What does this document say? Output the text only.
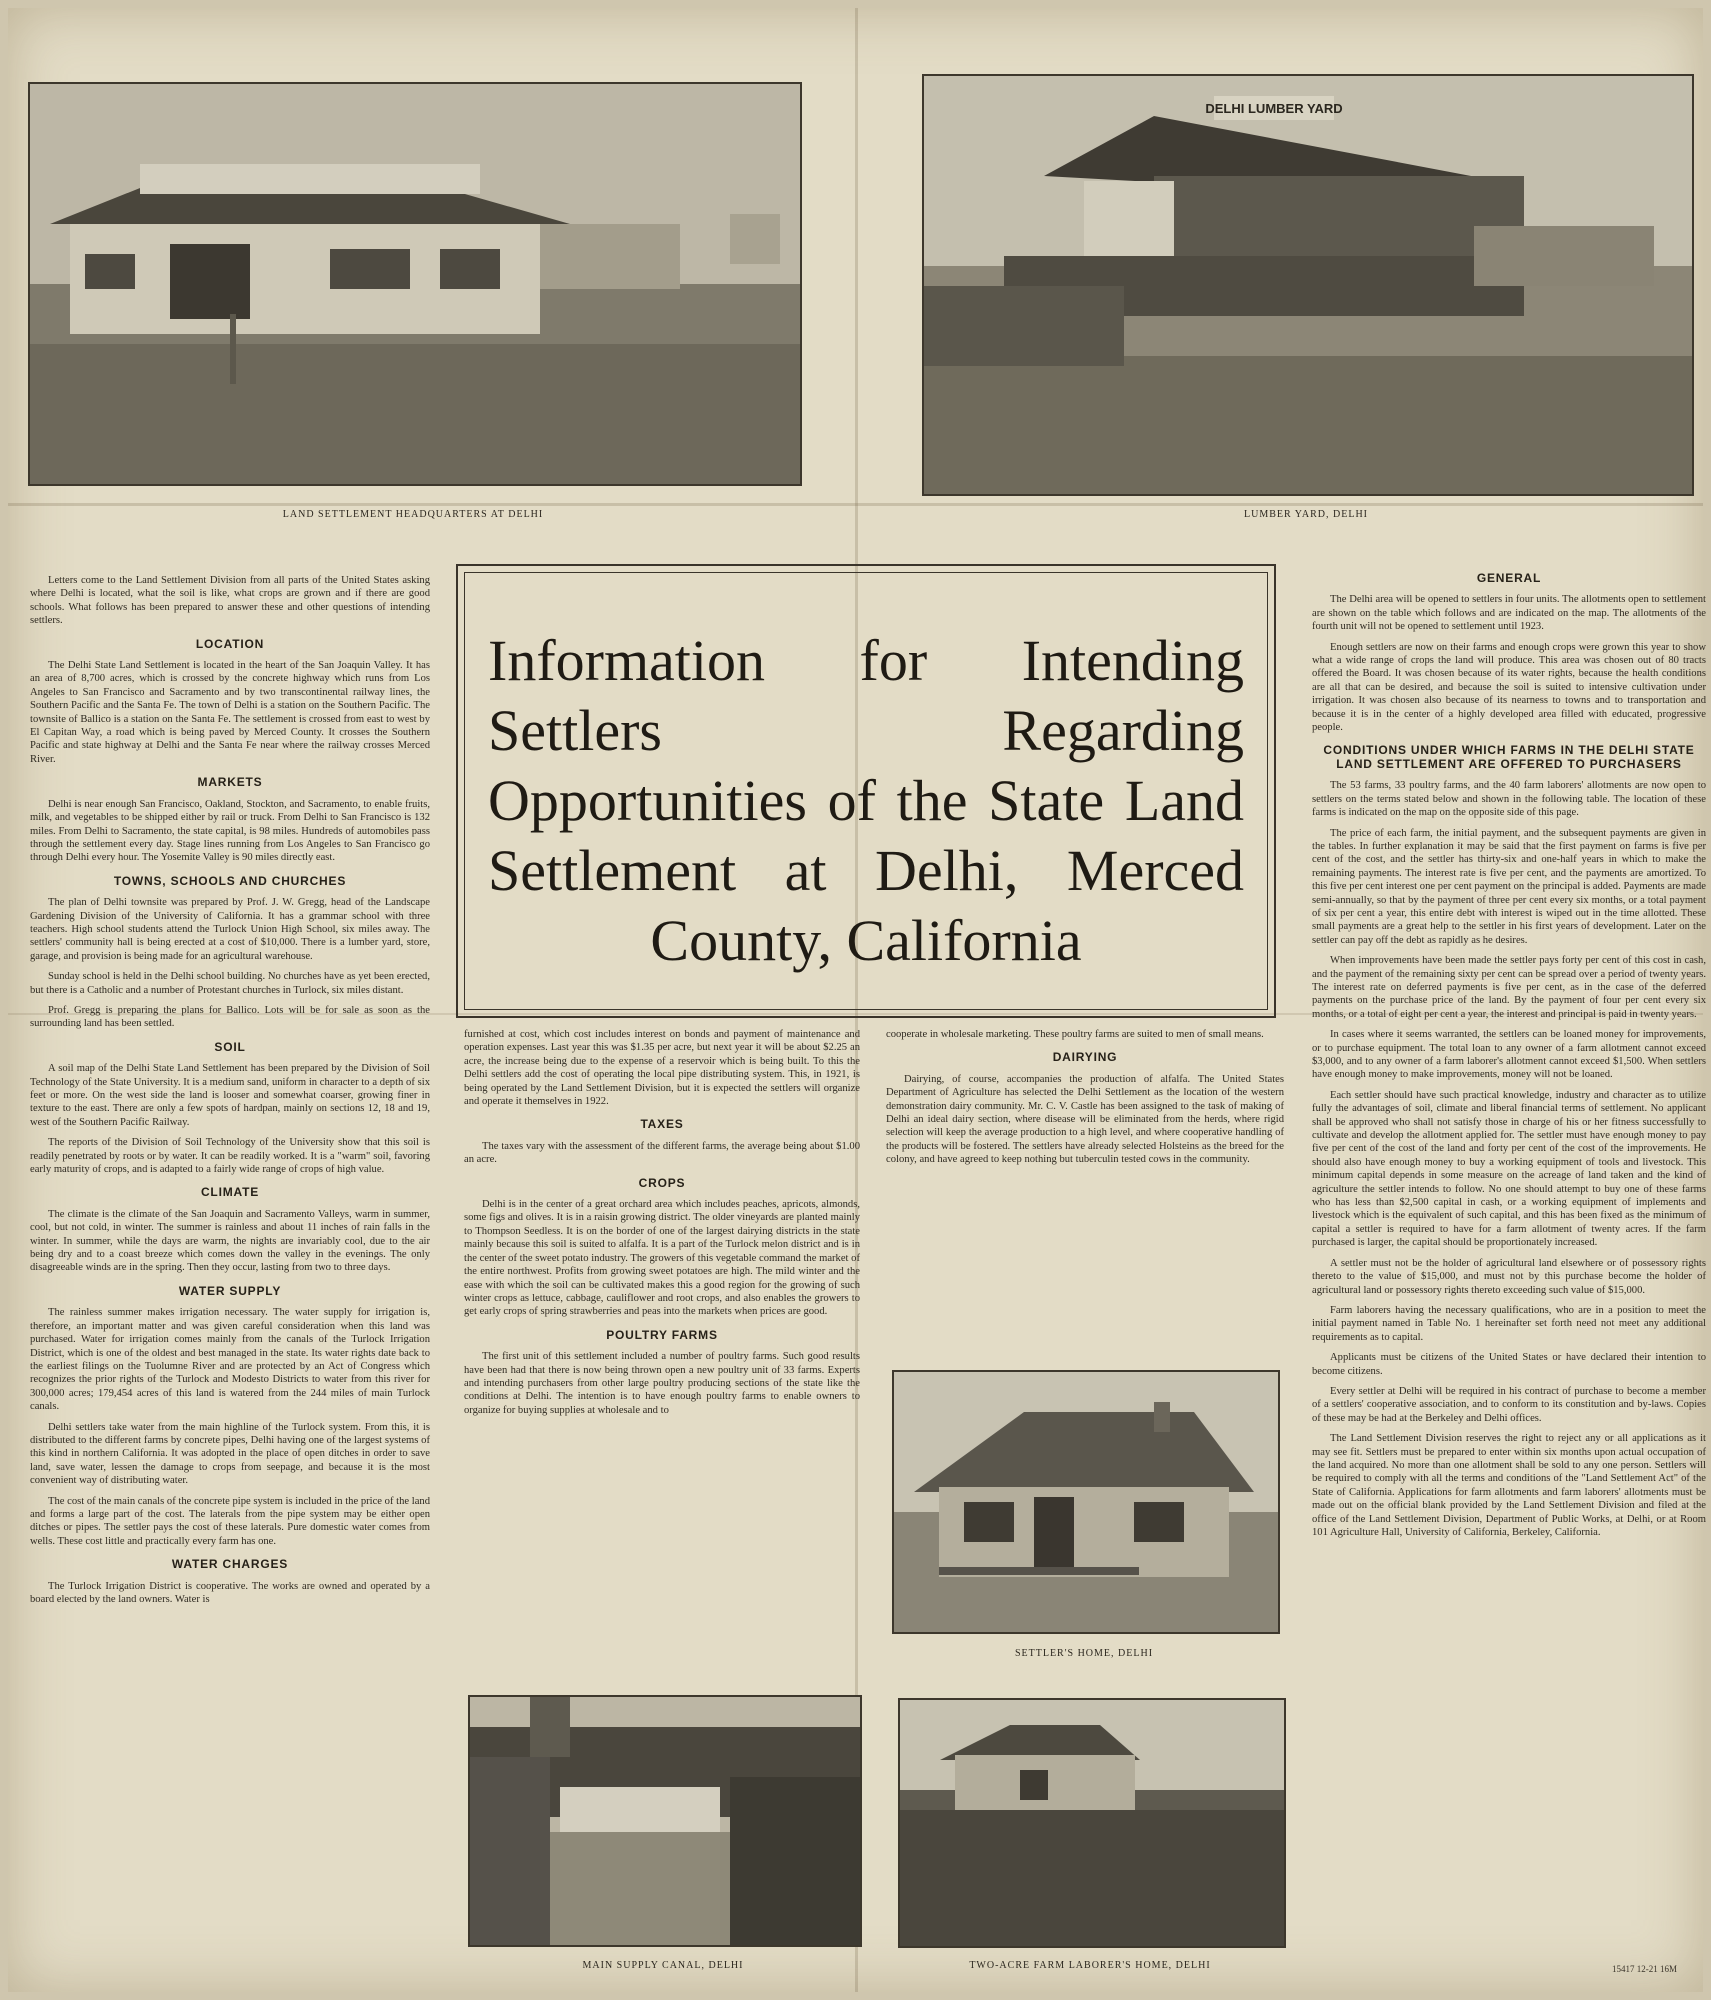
LAND SETTLEMENT HEADQUARTERS AT DELHI
DELHI LUMBER YARD
LUMBER YARD, DELHI
Information for Intending Settlers Regarding Opportunities of the State Land Settlement at Delhi, Merced County, California

Letters come to the Land Settlement Division from all parts of the United States asking where Delhi is located, what the soil is like, what crops are grown and if there are good schools. What follows has been prepared to answer these and other questions of intending settlers.

LOCATION

The Delhi State Land Settlement is located in the heart of the San Joaquin Valley. It has an area of 8,700 acres, which is crossed by the concrete highway which runs from Los Angeles to San Francisco and Sacramento and by two transcontinental railway lines, the Southern Pacific and the Santa Fe. The town of Delhi is a station on the Southern Pacific. The townsite of Ballico is a station on the Santa Fe. The settlement is crossed from east to west by El Capitan Way, a road which is being paved by Merced County. It crosses the Southern Pacific and state highway at Delhi and the Santa Fe near where the railway crosses Merced River.

MARKETS

Delhi is near enough San Francisco, Oakland, Stockton, and Sacramento, to enable fruits, milk, and vegetables to be shipped either by rail or truck. From Delhi to San Francisco is 132 miles. From Delhi to Sacramento, the state capital, is 98 miles. Hundreds of automobiles pass through the settlement every day. Stage lines running from Los Angeles to San Francisco go through Delhi every hour. The Yosemite Valley is 90 miles directly east.

TOWNS, SCHOOLS AND CHURCHES

The plan of Delhi townsite was prepared by Prof. J. W. Gregg, head of the Landscape Gardening Division of the University of California. It has a grammar school with three teachers. High school students attend the Turlock Union High School, six miles away. The settlers' community hall is being erected at a cost of $10,000. There is a lumber yard, store, garage, and provision is being made for an agricultural warehouse.

Sunday school is held in the Delhi school building. No churches have as yet been erected, but there is a Catholic and a number of Protestant churches in Turlock, six miles distant.

Prof. Gregg is preparing the plans for Ballico. Lots will be for sale as soon as the surrounding land has been settled.

SOIL

A soil map of the Delhi State Land Settlement has been prepared by the Division of Soil Technology of the State University. It is a medium sand, uniform in character to a depth of six feet or more. On the west side the land is looser and somewhat coarser, growing finer in texture to the east. There are only a few spots of hardpan, mainly on sections 12, 18 and 19, west of the Southern Pacific Railway.

The reports of the Division of Soil Technology of the University show that this soil is readily penetrated by roots or by water. It can be readily worked. It is a "warm" soil, favoring early maturity of crops, and is adapted to a fairly wide range of crops of high value.

CLIMATE

The climate is the climate of the San Joaquin and Sacramento Valleys, warm in summer, cool, but not cold, in winter. The summer is rainless and about 11 inches of rain falls in the winter. In summer, while the days are warm, the nights are invariably cool, due to the air being dry and to a coast breeze which comes down the valley in the evenings. The only disagreeable winds are in the spring. Then they occur, lasting from two to three days.

WATER SUPPLY

The rainless summer makes irrigation necessary. The water supply for irrigation is, therefore, an important matter and was given careful consideration when this land was purchased. Water for irrigation comes mainly from the canals of the Turlock Irrigation District, which is one of the oldest and best managed in the state. Its water rights date back to the earliest filings on the Tuolumne River and are protected by an Act of Congress which recognizes the prior rights of the Turlock and Modesto Districts to water from this river for 300,000 acres; 179,454 acres of this land is watered from the 244 miles of main Turlock canals.

Delhi settlers take water from the main highline of the Turlock system. From this, it is distributed to the different farms by concrete pipes, Delhi having one of the largest systems of this kind in northern California. It was adopted in the place of open ditches in order to save land, save water, lessen the damage to crops from seepage, and because it is the most convenient way of distributing water.

The cost of the main canals of the concrete pipe system is included in the price of the land and forms a large part of the cost. The laterals from the pipe system may be either open ditches or pipes. The settler pays the cost of these laterals. Pure domestic water comes from wells. These cost little and practically every farm has one.

WATER CHARGES

The Turlock Irrigation District is cooperative. The works are owned and operated by a board elected by the land owners. Water is

furnished at cost, which cost includes interest on bonds and payment of maintenance and operation expenses. Last year this was $1.35 per acre, but next year it will be about $2.25 an acre, the increase being due to the expense of a reservoir which is being built. To this the Delhi settlers add the cost of operating the local pipe distributing system. This, in 1921, is being operated by the Land Settlement Division, but it is expected the settlers will organize and operate it themselves in 1922.

TAXES

The taxes vary with the assessment of the different farms, the average being about $1.00 an acre.

CROPS

Delhi is in the center of a great orchard area which includes peaches, apricots, almonds, some figs and olives. It is in a raisin growing district. The older vineyards are planted mainly to Thompson Seedless. It is on the border of one of the largest dairying districts in the state mainly because this soil is suited to alfalfa. It is a part of the Turlock melon district and is in the center of the sweet potato industry. The growers of this vegetable command the market of the entire northwest. Profits from growing sweet potatoes are high. The mild winter and the ease with which the soil can be cultivated makes this a good region for the growing of such winter crops as lettuce, cabbage, cauliflower and root crops, and also enables the growers to get early crops of spring strawberries and peas into the markets when prices are good.

POULTRY FARMS

The first unit of this settlement included a number of poultry farms. Such good results have been had that there is now being thrown open a new poultry unit of 33 farms. Experts and intending purchasers from other large poultry producing sections of the state like the conditions at Delhi. The intention is to have enough poultry farms to enable owners to organize for buying supplies at wholesale and to

cooperate in wholesale marketing. These poultry farms are suited to men of small means.

DAIRYING

Dairying, of course, accompanies the production of alfalfa. The United States Department of Agriculture has selected the Delhi Settlement as the location of the western demonstration dairy community. Mr. C. V. Castle has been assigned to the task of making of Delhi an ideal dairy section, where disease will be eliminated from the herds, where rigid selection will keep the average production to a high level, and where cooperative handling of the products will be fostered. The settlers have already selected Holsteins as the breed for the colony, and have agreed to keep nothing but tuberculin tested cows in the community.

SETTLER'S HOME, DELHI
MAIN SUPPLY CANAL, DELHI	TWO-ACRE FARM LABORER'S HOME, DELHI
GENERAL

The Delhi area will be opened to settlers in four units. The allotments open to settlement are shown on the table which follows and are indicated on the map. The allotments of the fourth unit will not be opened to settlement until 1923.

Enough settlers are now on their farms and enough crops were grown this year to show what a wide range of crops the land will produce. This area was chosen out of 80 tracts offered the Board. It was chosen because of its water rights, because the health conditions are all that can be desired, and because the soil is suited to intensive cultivation under irrigation. It was chosen also because of its nearness to towns and to transportation and because it is in the center of a highly developed area filled with educated, progressive people.

CONDITIONS UNDER WHICH FARMS IN THE DELHI STATE LAND SETTLEMENT ARE OFFERED TO PURCHASERS

The 53 farms, 33 poultry farms, and the 40 farm laborers' allotments are now open to settlers on the terms stated below and shown in the following table. The location of these farms is indicated on the map on the opposite side of this page.

The price of each farm, the initial payment, and the subsequent payments are given in the tables. In further explanation it may be said that the first payment on farms is five per cent of the cost, and the settler has thirty-six and one-half years in which to make the remaining payments. The interest rate is five per cent, and the payments are amortized. To this five per cent interest one per cent payment on the principal is added. Payments are made semi-annually, so that by the payment of three per cent every six months, or a total payment of six per cent a year, this entire debt with interest is wiped out in the time allotted. These small payments are a great help to the settler in his first years of development. Later on the settler can pay off the debt as rapidly as he desires.

When improvements have been made the settler pays forty per cent of this cost in cash, and the payment of the remaining sixty per cent can be spread over a period of twenty years. The interest rate on deferred payments is five per cent, as in the case of the deferred payments on the purchase price of the land. By the payment of four per cent every six months, or a total of eight per cent a year, the interest and principal is paid in twenty years.

In cases where it seems warranted, the settlers can be loaned money for improvements, or to purchase equipment. The total loan to any owner of a farm allotment cannot exceed $3,000, and to any owner of a farm laborer's allotment cannot exceed $1,500. When settlers have enough money to make improvements, money will not be loaned.

Each settler should have such practical knowledge, industry and character as to utilize fully the advantages of soil, climate and liberal financial terms of settlement. No applicant shall be approved who shall not satisfy those in charge of his or her fitness successfully to cultivate and develop the allotment applied for. The settler must have enough money to pay five per cent of the cost of the land and forty per cent of the cost of the improvements. He should also have enough money to buy a working equipment of tools and livestock. This minimum capital depends in some measure on the acreage of land taken and the kind of agriculture the settler intends to follow. No one should attempt to buy one of these farms who has less than $2,500 capital in cash, or a working equipment of implements and livestock which is the equivalent of such capital, and this has been fixed as the minimum of capital a settler is required to have for a farm allotment of twenty acres. If the farm purchased is larger, the capital should be proportionately increased.

A settler must not be the holder of agricultural land elsewhere or of possessory rights thereto to the value of $15,000, and must not by this purchase become the holder of agricultural land or possessory rights thereto exceeding such value of $15,000.

Farm laborers having the necessary qualifications, who are in a position to meet the initial payment named in Table No. 1 hereinafter set forth need not meet any additional requirements as to capital.

Applicants must be citizens of the United States or have declared their intention to become citizens.

Every settler at Delhi will be required in his contract of purchase to become a member of a settlers' cooperative association, and to conform to its constitution and by-laws. Copies of these may be had at the Berkeley and Delhi offices.

The Land Settlement Division reserves the right to reject any or all applications as it may see fit. Settlers must be prepared to enter within six months upon actual occupation of the land acquired. No more than one allotment shall be sold to any one person. Settlers will be required to comply with all the terms and conditions of the "Land Settlement Act" of the State of California. Applications for farm allotments and farm laborers' allotments must be made out on the official blank provided by the Land Settlement Division and filed at the office of the Land Settlement Division, Department of Public Works, at Delhi, or at Room 101 Agriculture Hall, University of California, Berkeley, California.

15417 12-21 16M
